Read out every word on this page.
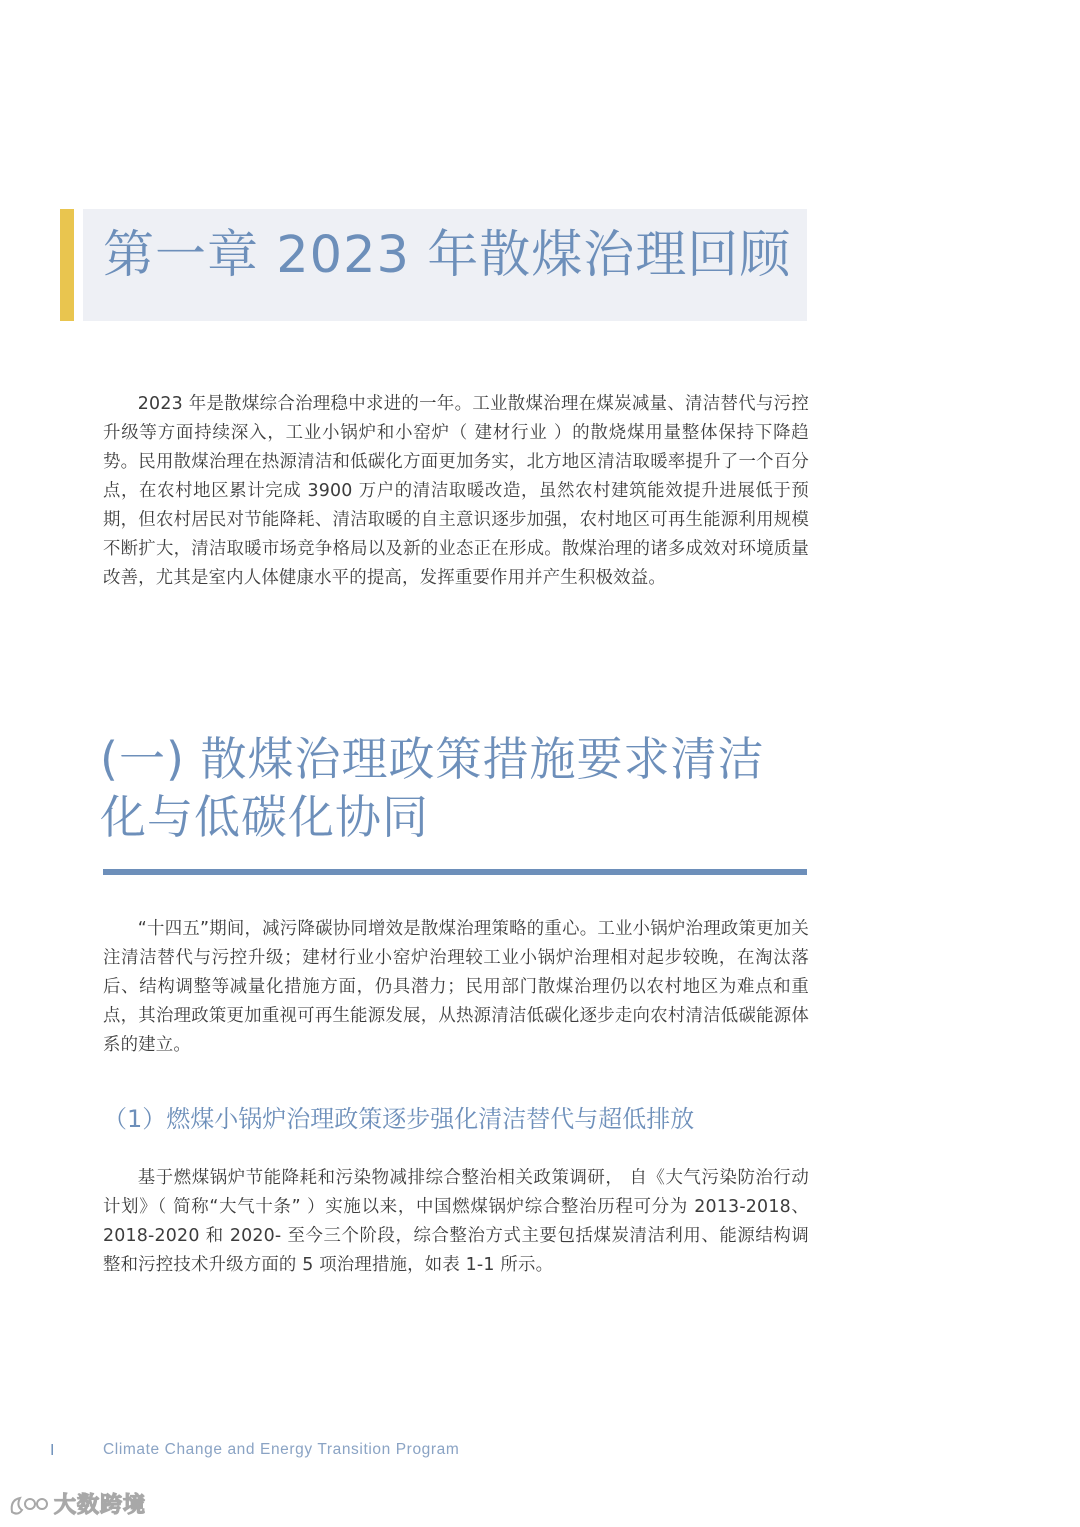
第一章 2023 年散煤治理回顾

2023 年是散煤综合治理稳中求进的一年。工业散煤治理在煤炭减量、清洁替代与污控升级等方面持续深入，工业小锅炉和小窑炉（ 建材行业 ）的散烧煤用量整体保持下降趋势。民用散煤治理在热源清洁和低碳化方面更加务实，北方地区清洁取暖率提升了一个百分点，在农村地区累计完成 3900 万户的清洁取暖改造，虽然农村建筑能效提升进展低于预期，但农村居民对节能降耗、清洁取暖的自主意识逐步加强，农村地区可再生能源利用规模不断扩大，清洁取暖市场竞争格局以及新的业态正在形成。散煤治理的诸多成效对环境质量改善，尤其是室内人体健康水平的提高，发挥重要作用并产生积极效益。

(一) 散煤治理政策措施要求清洁化与低碳化协同

“十四五”期间，减污降碳协同增效是散煤治理策略的重心。工业小锅炉治理政策更加关注清洁替代与污控升级；建材行业小窑炉治理较工业小锅炉治理相对起步较晚，在淘汰落后、结构调整等减量化措施方面，仍具潜力；民用部门散煤治理仍以农村地区为难点和重点，其治理政策更加重视可再生能源发展，从热源清洁低碳化逐步走向农村清洁低碳能源体系的建立。

（1）燃煤小锅炉治理政策逐步强化清洁替代与超低排放

基于燃煤锅炉节能降耗和污染物减排综合整治相关政策调研， 自《大气污染防治行动计划》（ 简称“大气十条” ）实施以来，中国燃煤锅炉综合整治历程可分为 2013-2018、2018-2020 和 2020- 至今三个阶段，综合整治方式主要包括煤炭清洁利用、能源结构调整和污控技术升级方面的 5 项治理措施，如表 1-1 所示。

I	Climate Change and Energy Transition Program
大数跨境
